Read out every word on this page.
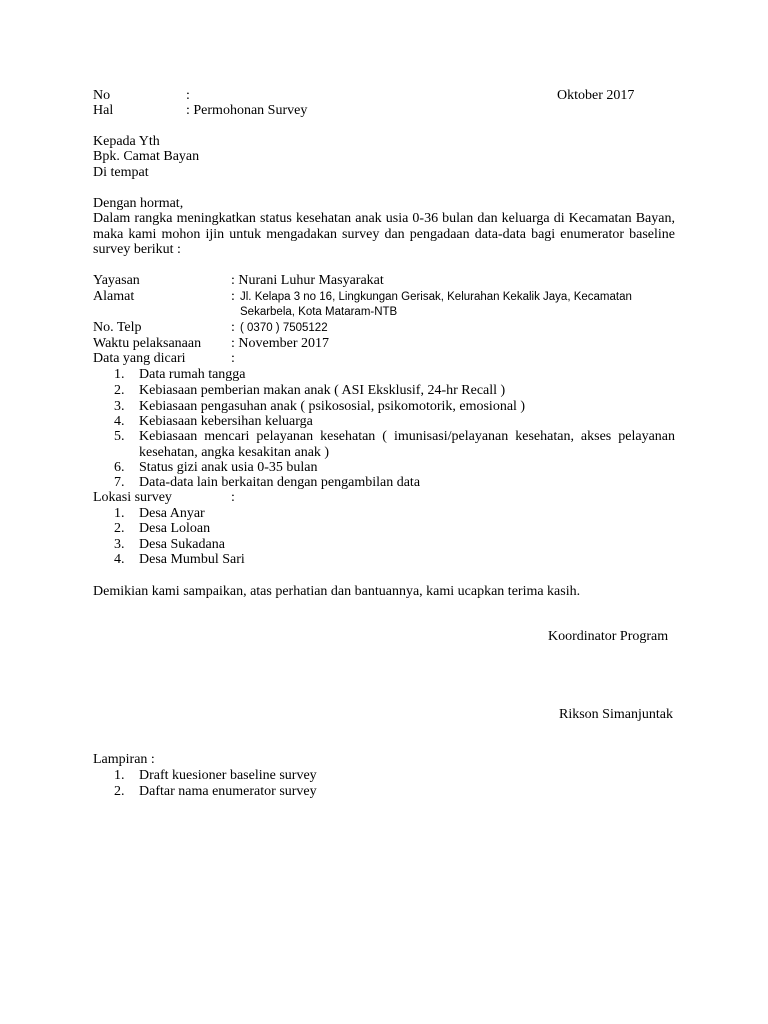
No	:	Oktober 2017
Hal	: Permohonan Survey
Kepada Yth
Bpk. Camat Bayan
Di tempat
Dengan hormat,
Dalam rangka meningkatkan status kesehatan anak usia 0-36 bulan dan keluarga di Kecamatan Bayan, maka kami mohon ijin untuk mengadakan survey dan pengadaan data-data bagi enumerator baseline survey berikut :
Yayasan	: Nurani Luhur Masyarakat
Alamat	: Jl. Kelapa 3 no 16, Lingkungan Gerisak, Kelurahan Kekalik Jaya, Kecamatan
Sekarbela, Kota Mataram-NTB
No. Telp	: ( 0370 ) 7505122
Waktu pelaksanaan : November 2017
Data yang dicari	:
1. Data rumah tangga
2. Kebiasaan pemberian makan anak ( ASI Eksklusif, 24-hr Recall )
3. Kebiasaan pengasuhan anak ( psikososial, psikomotorik, emosional )
4. Kebiasaan kebersihan keluarga
5. Kebiasaan mencari pelayanan kesehatan ( imunisasi/pelayanan kesehatan, akses pelayanan kesehatan, angka kesakitan anak )
6. Status gizi anak usia 0-35 bulan
7. Data-data lain berkaitan dengan pengambilan data
Lokasi survey	:
1. Desa Anyar
2. Desa Loloan
3. Desa Sukadana
4. Desa Mumbul Sari
Demikian kami sampaikan, atas perhatian dan bantuannya, kami ucapkan terima kasih.
Koordinator Program
Rikson Simanjuntak
Lampiran :
1. Draft kuesioner baseline survey
2. Daftar nama enumerator survey
